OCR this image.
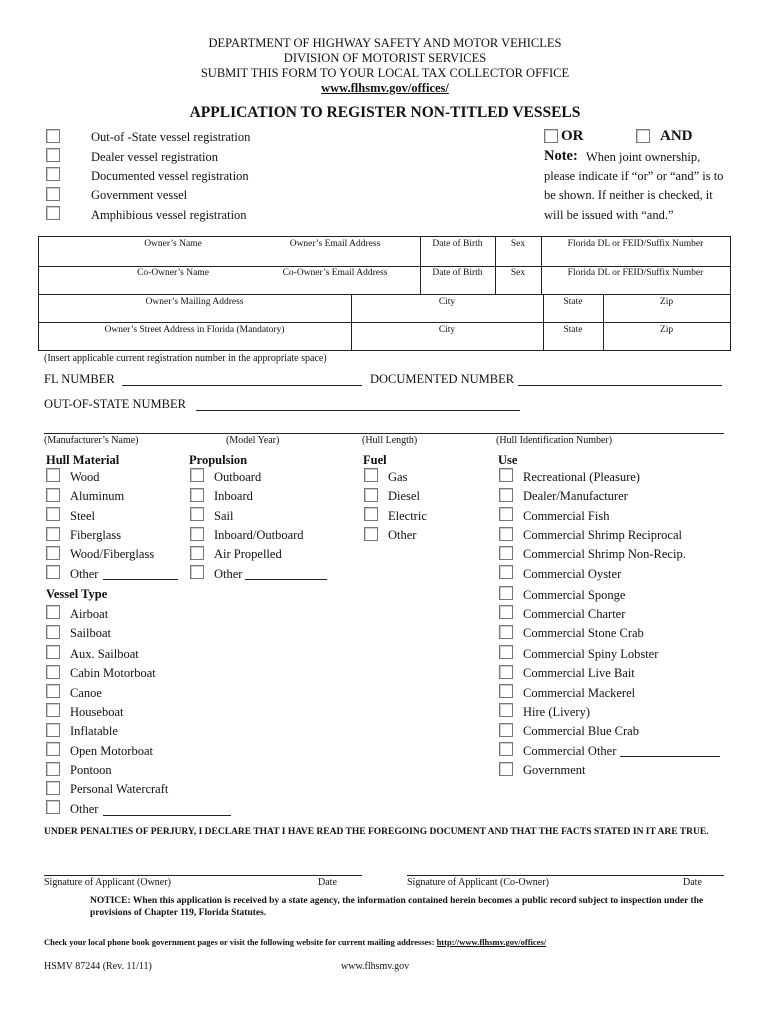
DEPARTMENT OF HIGHWAY SAFETY AND MOTOR VEHICLES
DIVISION OF MOTORIST SERVICES
SUBMIT THIS FORM TO YOUR LOCAL TAX COLLECTOR OFFICE
www.flhsmv.gov/offices/
APPLICATION TO REGISTER NON-TITLED VESSELS
Out-of -State vessel registration
Dealer vessel registration
Documented vessel registration
Government vessel
Amphibious vessel registration
OR	AND
Note: When joint ownership,
please indicate if “or” or “and” is to
be shown. If neither is checked, it
will be issued with “and.”
Owner’s Name	Owner’s Email Address	Date of Birth	Sex	Florida DL or FEID/Suffix Number
Co-Owner’s Name	Co-Owner’s Email Address	Date of Birth	Sex	Florida DL or FEID/Suffix Number
Owner’s Mailing Address	City	State	Zip
Owner’s Street Address in Florida (Mandatory)	City	State	Zip
(Insert applicable current registration number in the appropriate space)
FL NUMBER	DOCUMENTED NUMBER
OUT-OF-STATE NUMBER
(Manufacturer’s Name)	(Model Year)	(Hull Length)	(Hull Identification Number)
Hull Material
Wood
Aluminum
Steel
Fiberglass
Wood/Fiberglass
Other
Propulsion
Outboard
Inboard
Sail
Inboard/Outboard
Air Propelled
Other
Fuel
Gas
Diesel
Electric
Other
Use
Recreational (Pleasure)
Dealer/Manufacturer
Commercial Fish
Commercial Shrimp Reciprocal
Commercial Shrimp Non-Recip.
Commercial Oyster
Commercial Sponge
Commercial Charter
Commercial Stone Crab
Commercial Spiny Lobster
Commercial Live Bait
Commercial Mackerel
Hire (Livery)
Commercial Blue Crab
Commercial Other
Government
Vessel Type
Airboat
Sailboat
Aux. Sailboat
Cabin Motorboat
Canoe
Houseboat
Inflatable
Open Motorboat
Pontoon
Personal Watercraft
Other
UNDER PENALTIES OF PERJURY, I DECLARE THAT I HAVE READ THE FOREGOING DOCUMENT AND THAT THE FACTS STATED IN IT ARE TRUE.
Signature of Applicant (Owner)	Date	Signature of Applicant (Co-Owner)	Date
NOTICE: When this application is received by a state agency, the information contained herein becomes a public record subject to inspection under the provisions of Chapter 119, Florida Statutes.
Check your local phone book government pages or visit the following website for current mailing addresses: http://www.flhsmv.gov/offices/
HSMV 87244 (Rev. 11/11)	www.flhsmv.gov
